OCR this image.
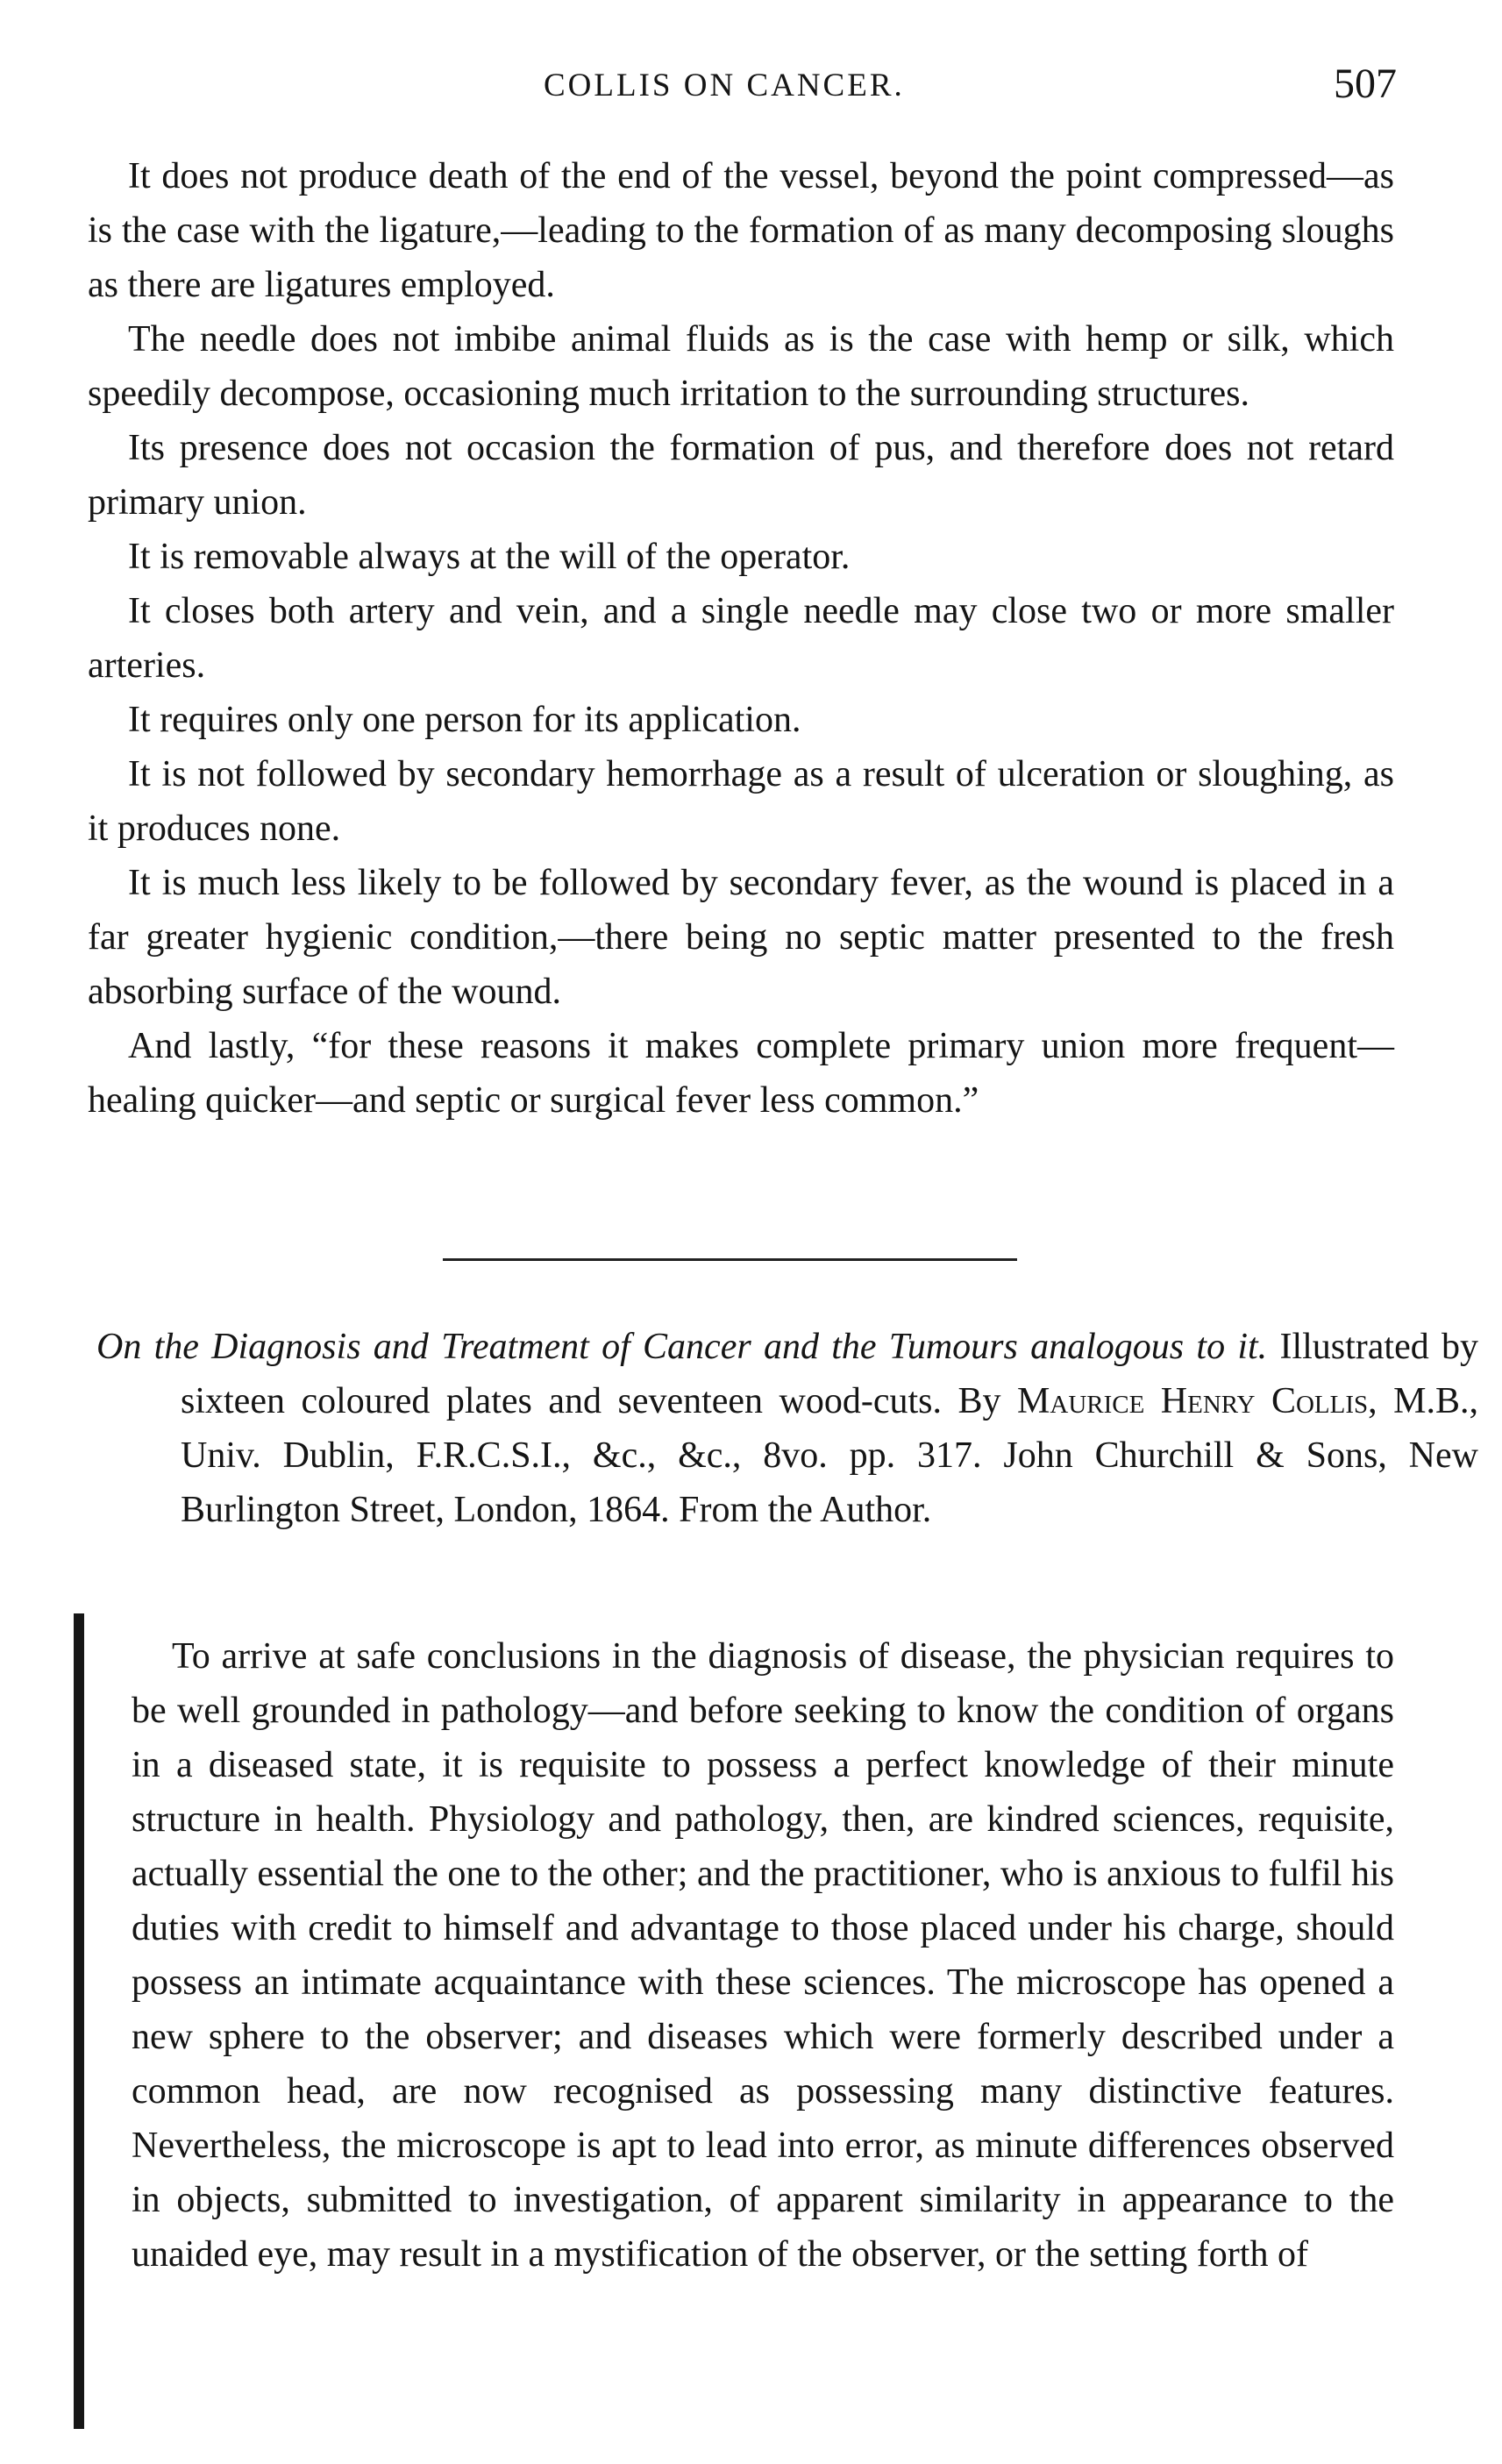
COLLIS ON CANCER.	507

It does not produce death of the end of the vessel, beyond the point compressed—as is the case with the ligature,—leading to the formation of as many decomposing sloughs as there are ligatures employed.

The needle does not imbibe animal fluids as is the case with hemp or silk, which speedily decompose, occasioning much irritation to the surrounding structures.

Its presence does not occasion the formation of pus, and therefore does not retard primary union.

It is removable always at the will of the operator.

It closes both artery and vein, and a single needle may close two or more smaller arteries.

It requires only one person for its application.

It is not followed by secondary hemorrhage as a result of ulceration or sloughing, as it produces none.

It is much less likely to be followed by secondary fever, as the wound is placed in a far greater hygienic condition,—there being no septic matter presented to the fresh absorbing surface of the wound.

And lastly, “for these reasons it makes complete primary union more frequent—healing quicker—and septic or surgical fever less common.”

On the Diagnosis and Treatment of Cancer and the Tumours analogous to it. Illustrated by sixteen coloured plates and seventeen wood-cuts. By Maurice Henry Collis, M.B., Univ. Dublin, F.R.C.S.I., &c., &c., 8vo. pp. 317. John Churchill & Sons, New Burlington Street, London, 1864. From the Author.

To arrive at safe conclusions in the diagnosis of disease, the physician requires to be well grounded in pathology—and before seeking to know the condition of organs in a diseased state, it is requisite to possess a perfect knowledge of their minute structure in health. Physiology and pathology, then, are kindred sciences, requisite, actually essential the one to the other; and the practitioner, who is anxious to fulfil his duties with credit to himself and advantage to those placed under his charge, should possess an intimate acquaintance with these sciences. The microscope has opened a new sphere to the observer; and diseases which were formerly described under a common head, are now recognised as possessing many distinctive features. Nevertheless, the microscope is apt to lead into error, as minute differences observed in objects, submitted to investigation, of apparent similarity in appearance to the unaided eye, may result in a mystification of the observer, or the setting forth of
